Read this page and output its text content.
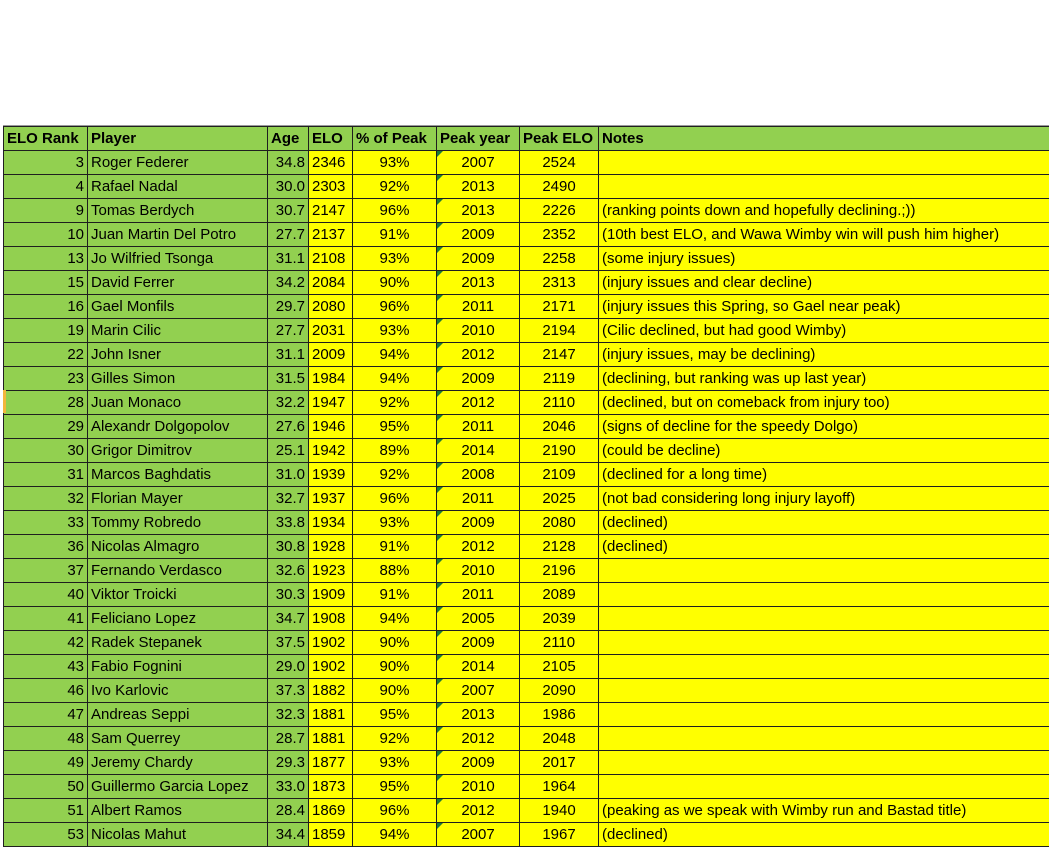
ELO Rank	Player	Age	ELO	% of Peak	Peak year	Peak ELO	Notes
3	Roger Federer	34.8	2346	93%	2007	2524	
4	Rafael Nadal	30.0	2303	92%	2013	2490	
9	Tomas Berdych	30.7	2147	96%	2013	2226	(ranking points down and hopefully declining.;))
10	Juan Martin Del Potro	27.7	2137	91%	2009	2352	(10th best ELO, and Wawa Wimby win will push him higher)
13	Jo Wilfried Tsonga	31.1	2108	93%	2009	2258	(some injury issues)
15	David Ferrer	34.2	2084	90%	2013	2313	(injury issues and clear decline)
16	Gael Monfils	29.7	2080	96%	2011	2171	(injury issues this Spring, so Gael near peak)
19	Marin Cilic	27.7	2031	93%	2010	2194	(Cilic declined, but had good Wimby)
22	John Isner	31.1	2009	94%	2012	2147	(injury issues, may be declining)
23	Gilles Simon	31.5	1984	94%	2009	2119	(declining, but ranking was up last year)
28	Juan Monaco	32.2	1947	92%	2012	2110	(declined, but on comeback from injury too)
29	Alexandr Dolgopolov	27.6	1946	95%	2011	2046	(signs of decline for the speedy Dolgo)
30	Grigor Dimitrov	25.1	1942	89%	2014	2190	(could be decline)
31	Marcos Baghdatis	31.0	1939	92%	2008	2109	(declined for a long time)
32	Florian Mayer	32.7	1937	96%	2011	2025	(not bad considering long injury layoff)
33	Tommy Robredo	33.8	1934	93%	2009	2080	(declined)
36	Nicolas Almagro	30.8	1928	91%	2012	2128	(declined)
37	Fernando Verdasco	32.6	1923	88%	2010	2196	
40	Viktor Troicki	30.3	1909	91%	2011	2089	
41	Feliciano Lopez	34.7	1908	94%	2005	2039	
42	Radek Stepanek	37.5	1902	90%	2009	2110	
43	Fabio Fognini	29.0	1902	90%	2014	2105	
46	Ivo Karlovic	37.3	1882	90%	2007	2090	
47	Andreas Seppi	32.3	1881	95%	2013	1986	
48	Sam Querrey	28.7	1881	92%	2012	2048	
49	Jeremy Chardy	29.3	1877	93%	2009	2017	
50	Guillermo Garcia Lopez	33.0	1873	95%	2010	1964	
51	Albert Ramos	28.4	1869	96%	2012	1940	(peaking as we speak with Wimby run and Bastad title)
53	Nicolas Mahut	34.4	1859	94%	2007	1967	(declined)
